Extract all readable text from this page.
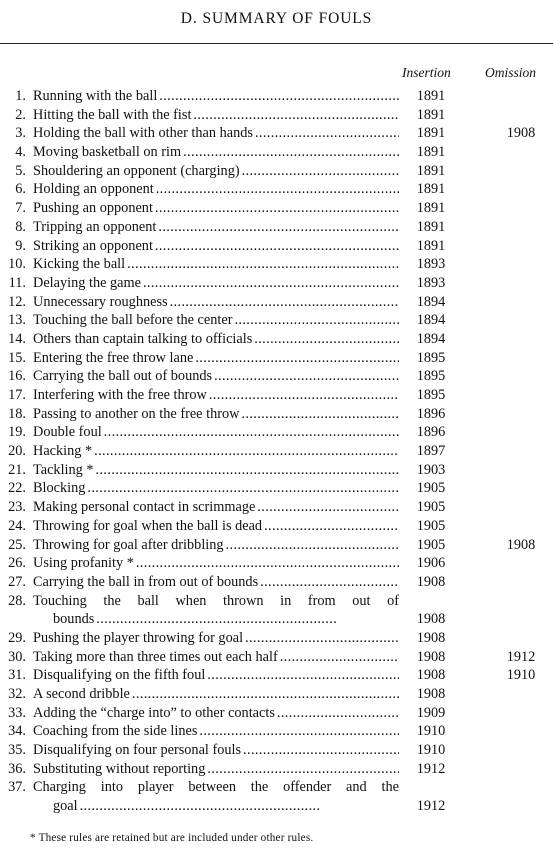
D. SUMMARY OF FOULS
Insertion	Omission
1. Running with the ball . . .	1891
2. Hitting the ball with the fist . . .	1891
3. Holding the ball with other than hands . . .	1891	1908
4. Moving basketball on rim . . .	1891
5. Shouldering an opponent (charging) . . .	1891
6. Holding an opponent . . .	1891
7. Pushing an opponent . . .	1891
8. Tripping an opponent . . .	1891
9. Striking an opponent . . .	1891
10. Kicking the ball . . .	1893
11. Delaying the game . . .	1893
12. Unnecessary roughness . . .	1894
13. Touching the ball before the center . . .	1894
14. Others than captain talking to officials . . .	1894
15. Entering the free throw lane . . .	1895
16. Carrying the ball out of bounds . . .	1895
17. Interfering with the free throw . . .	1895
18. Passing to another on the free throw . . .	1896
19. Double foul . . .	1896
20. Hacking * . . .	1897
21. Tackling * . . .	1903
22. Blocking . . .	1905
23. Making personal contact in scrimmage . . .	1905
24. Throwing for goal when the ball is dead . . .	1905
25. Throwing for goal after dribbling . . .	1905	1908
26. Using profanity * . . .	1906
27. Carrying the ball in from out of bounds . . .	1908
28. Touching the ball when thrown in from out of
bounds . . .	1908
29. Pushing the player throwing for goal . . .	1908
30. Taking more than three times out each half . . .	1908	1912
31. Disqualifying on the fifth foul . . .	1908	1910
32. A second dribble . . .	1908
33. Adding the “charge into” to other contacts . . .	1909
34. Coaching from the side lines . . .	1910
35. Disqualifying on four personal fouls . . .	1910
36. Substituting without reporting . . .	1912
37. Charging into player between the offender and the
goal . . .	1912
* These rules are retained but are included under other rules.
